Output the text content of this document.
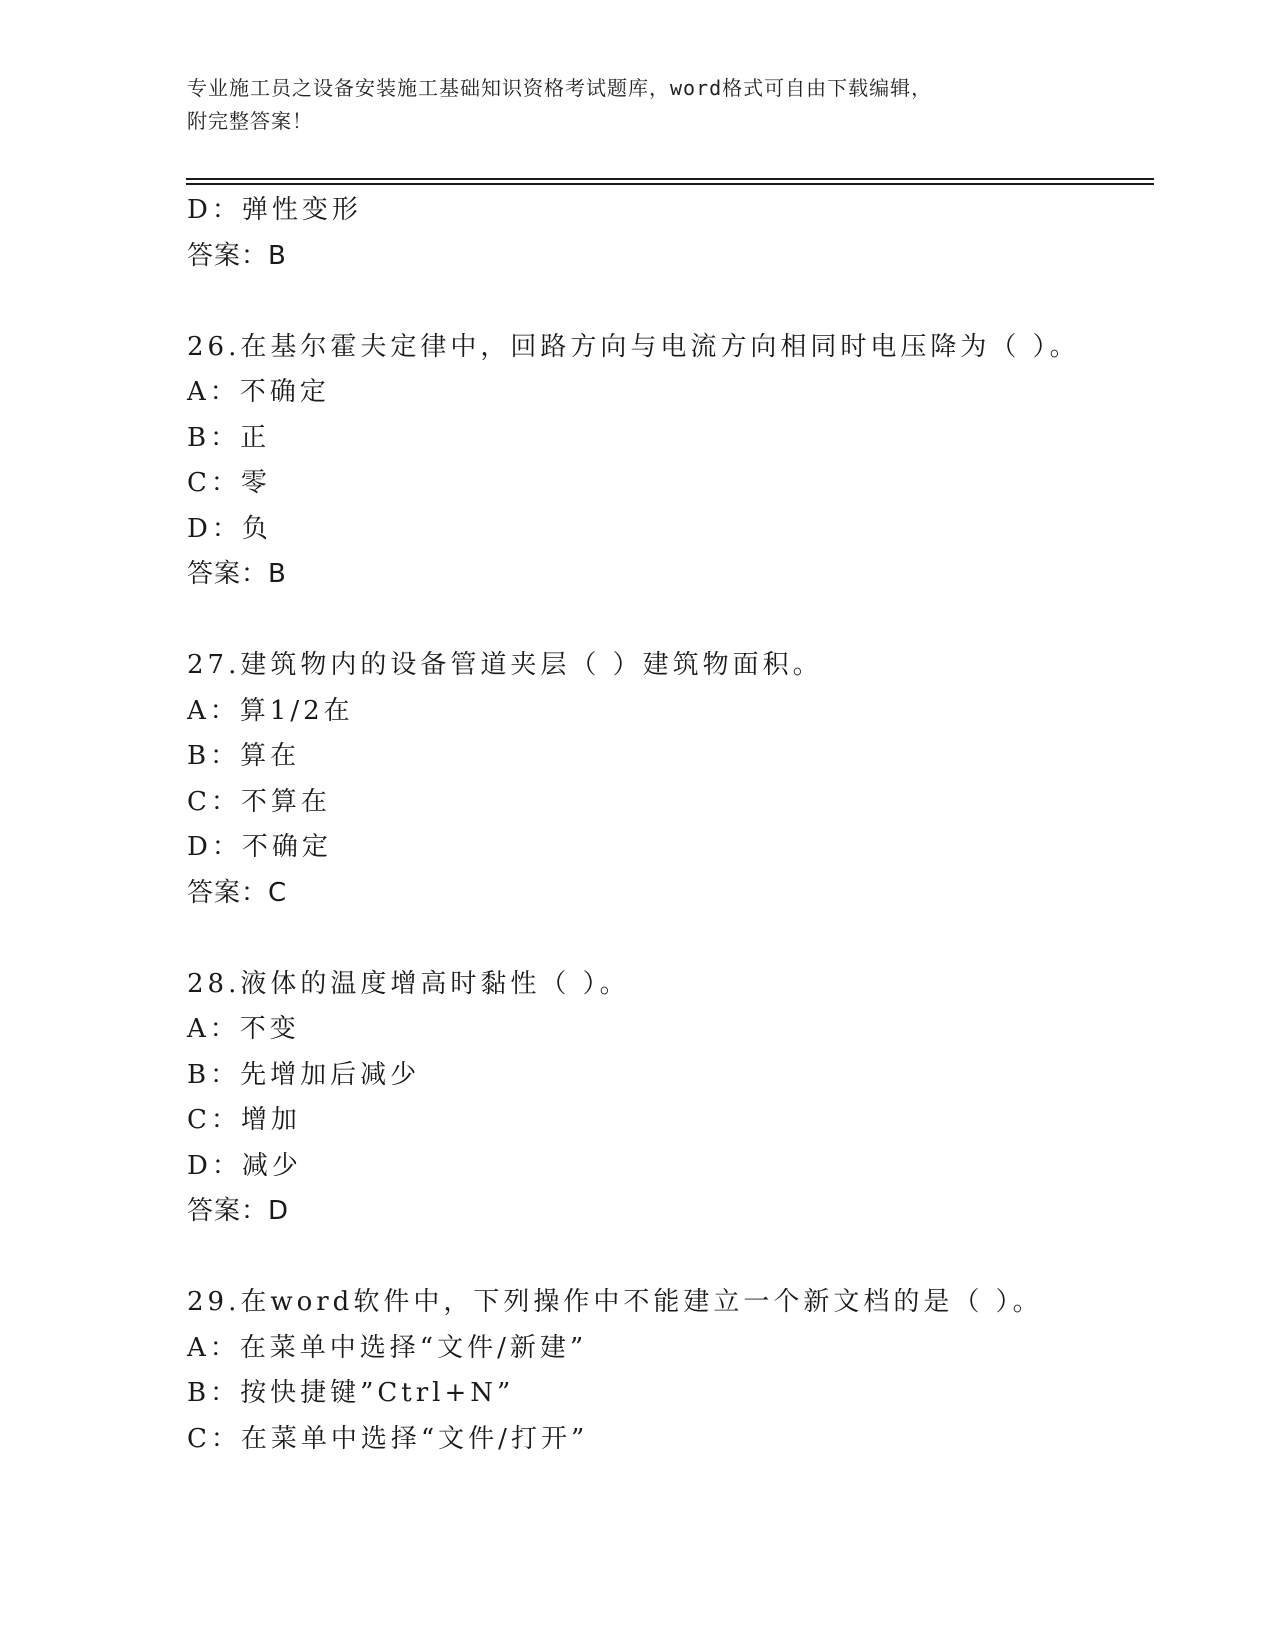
专业施工员之设备安装施工基础知识资格考试题库，word格式可自由下载编辑，
附完整答案！
D：弹性变形
答案：B
26.在基尔霍夫定律中，回路方向与电流方向相同时电压降为（ ）。
A：不确定
B：正
C：零
D：负
答案：B
27.建筑物内的设备管道夹层（ ）建筑物面积。
A：算1/2在
B：算在
C：不算在
D：不确定
答案：C
28.液体的温度增高时黏性（ ）。
A：不变
B：先增加后减少
C：增加
D：减少
答案：D
29.在word软件中，下列操作中不能建立一个新文档的是（ ）。
A：在菜单中选择“文件/新建”
B：按快捷键”Ctrl+N”
C：在菜单中选择“文件/打开”
